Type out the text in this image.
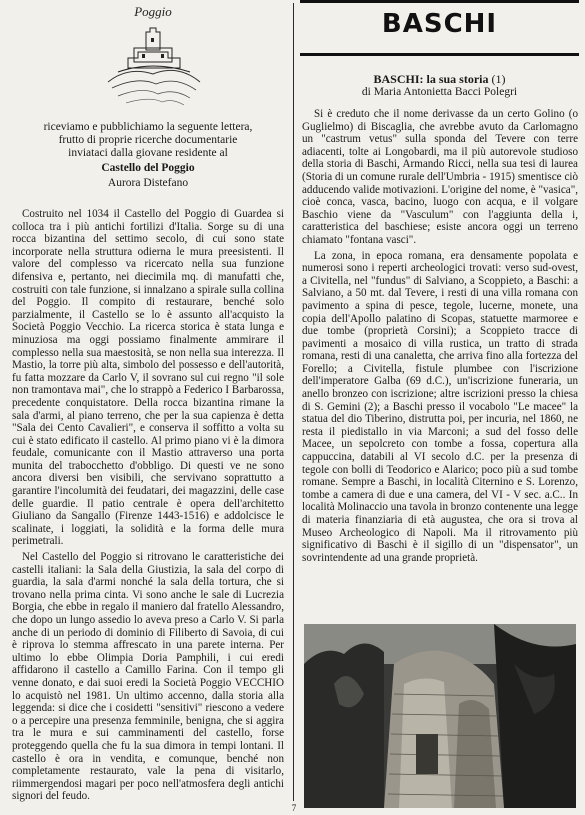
Poggio
riceviamo e pubblichiamo la seguente lettera,
frutto di proprie ricerche documentarie
inviataci dalla giovane residente al
Castello del Poggio
Aurora Distefano

Costruito nel 1034 il Castello del Poggio di Guardea si colloca tra i più antichi fortilizi d'Italia. Sorge su di una rocca bizantina del settimo secolo, di cui sono state incorporate nella struttura odierna le mura preesistenti. Il valore del complesso va ricercato nella sua funzione difensiva e, pertanto, nei diecimila mq. di manufatti che, costruiti con tale funzione, si innalzano a spirale sulla collina del Poggio. Il compito di restaurare, benché solo parzialmente, il Castello se lo è assunto all'acquisto la Società Poggio Vecchio. La ricerca storica è stata lunga e minuziosa ma oggi possiamo finalmente ammirare il complesso nella sua maestosità, se non nella sua interezza. Il Mastio, la torre più alta, simbolo del possesso e dell'autorità, fu fatta mozzare da Carlo V, il sovrano sul cui regno "il sole non tramontava mai", che lo strappò a Federico I Barbarossa, precedente conquistatore. Della rocca bizantina rimane la sala d'armi, al piano terreno, che per la sua capienza è detta "Sala dei Cento Cavalieri", e conserva il soffitto a volta su cui è stato edificato il castello. Al primo piano vi è la dimora feudale, comunicante con il Mastio attraverso una porta munita del trabocchetto d'obbligo. Di questi ve ne sono ancora diversi ben visibili, che servivano soprattutto a garantire l'incolumità dei feudatari, dei magazzini, delle case delle guardie. Il patio centrale è opera dell'architetto Giuliano da Sangallo (Firenze 1443-1516) e addolcisce le scalinate, i loggiati, la solidità e la forma delle mura perimetrali.

Nel Castello del Poggio si ritrovano le caratteristiche dei castelli italiani: la Sala della Giustizia, la sala del corpo di guardia, la sala d'armi nonché la sala della tortura, che si trovano nella prima cinta. Vi sono anche le sale di Lucrezia Borgia, che ebbe in regalo il maniero dal fratello Alessandro, che dopo un lungo assedio lo aveva preso a Carlo V. Si parla anche di un periodo di dominio di Filiberto di Savoia, di cui è riprova lo stemma affrescato in una parete interna. Per ultimo lo ebbe Olimpia Doria Pamphili, i cui eredi affidarono il castello a Camillo Farina. Con il tempo gli venne donato, e dai suoi eredi la Società Poggio VECCHIO lo acquistò nel 1981. Un ultimo accenno, dalla storia alla leggenda: si dice che i cosidetti "sensitivi" riescono a vedere o a percepire una presenza femminile, benigna, che si aggira tra le mura e sui camminamenti del castello, forse proteggendo quella che fu la sua dimora in tempi lontani. Il castello è ora in vendita, e comunque, benché non completamente restaurato, vale la pena di visitarlo, riimmergendosi magari per poco nell'atmosfera degli antichi signori del feudo.

BASCHI
BASCHI: la sua storia (1)
di Maria Antonietta Bacci Polegri

Si è creduto che il nome derivasse da un certo Golino (o Guglielmo) di Biscaglia, che avrebbe avuto da Carlomagno un "castrum vetus" sulla sponda del Tevere con terre adiacenti, tolte ai Longobardi, ma il più autorevole studioso della storia di Baschi, Armando Ricci, nella sua tesi di laurea (Storia di un comune rurale dell'Umbria - 1915) smentisce ciò adducendo valide motivazioni. L'origine del nome, è "vasica", cioè conca, vasca, bacino, luogo con acqua, e il volgare Baschio viene da "Vasculum" con l'aggiunta della i, caratteristica del baschiese; esiste ancora oggi un terreno chiamato "fontana vasci".

La zona, in epoca romana, era densamente popolata e numerosi sono i reperti archeologici trovati: verso sud-ovest, a Civitella, nel "fundus" di Salviano, a Scoppieto, a Baschi: a Salviano, a 50 mt. dal Tevere, i resti di una villa romana con pavimento a spina di pesce, tegole, lucerne, monete, una copia dell'Apollo palatino di Scopas, statuette marmoree e due tombe (proprietà Corsini); a Scoppieto tracce di pavimenti a mosaico di villa rustica, un tratto di strada romana, resti di una canaletta, che arriva fino alla fortezza del Forello; a Civitella, fistule plumbee con l'iscrizione dell'imperatore Galba (69 d.C.), un'iscrizione funeraria, un anello bronzeo con iscrizione; altre iscrizioni presso la chiesa di S. Gemini (2); a Baschi presso il vocabolo "Le macee" la statua del dio Tiberino, distrutta poi, per incuria, nel 1860, ne resta il piedistallo in via Marconi; a sud del fosso delle Macee, un sepolcreto con tombe a fossa, copertura alla cappuccina, databili al VI secolo d.C. per la presenza di tegole con bolli di Teodorico e Alarico; poco più a sud tombe romane. Sempre a Baschi, in località Citernino e S. Lorenzo, tombe a camera di due e una camera, del VI - V sec. a.C.. In località Molinaccio una tavola in bronzo contenente una legge di materia finanziaria di età augustea, che ora si trova al Museo Archeologico di Napoli. Ma il ritrovamento più significativo di Baschi è il sigillo di un "dispensator", un sovrintendente ad una grande proprietà.

7
